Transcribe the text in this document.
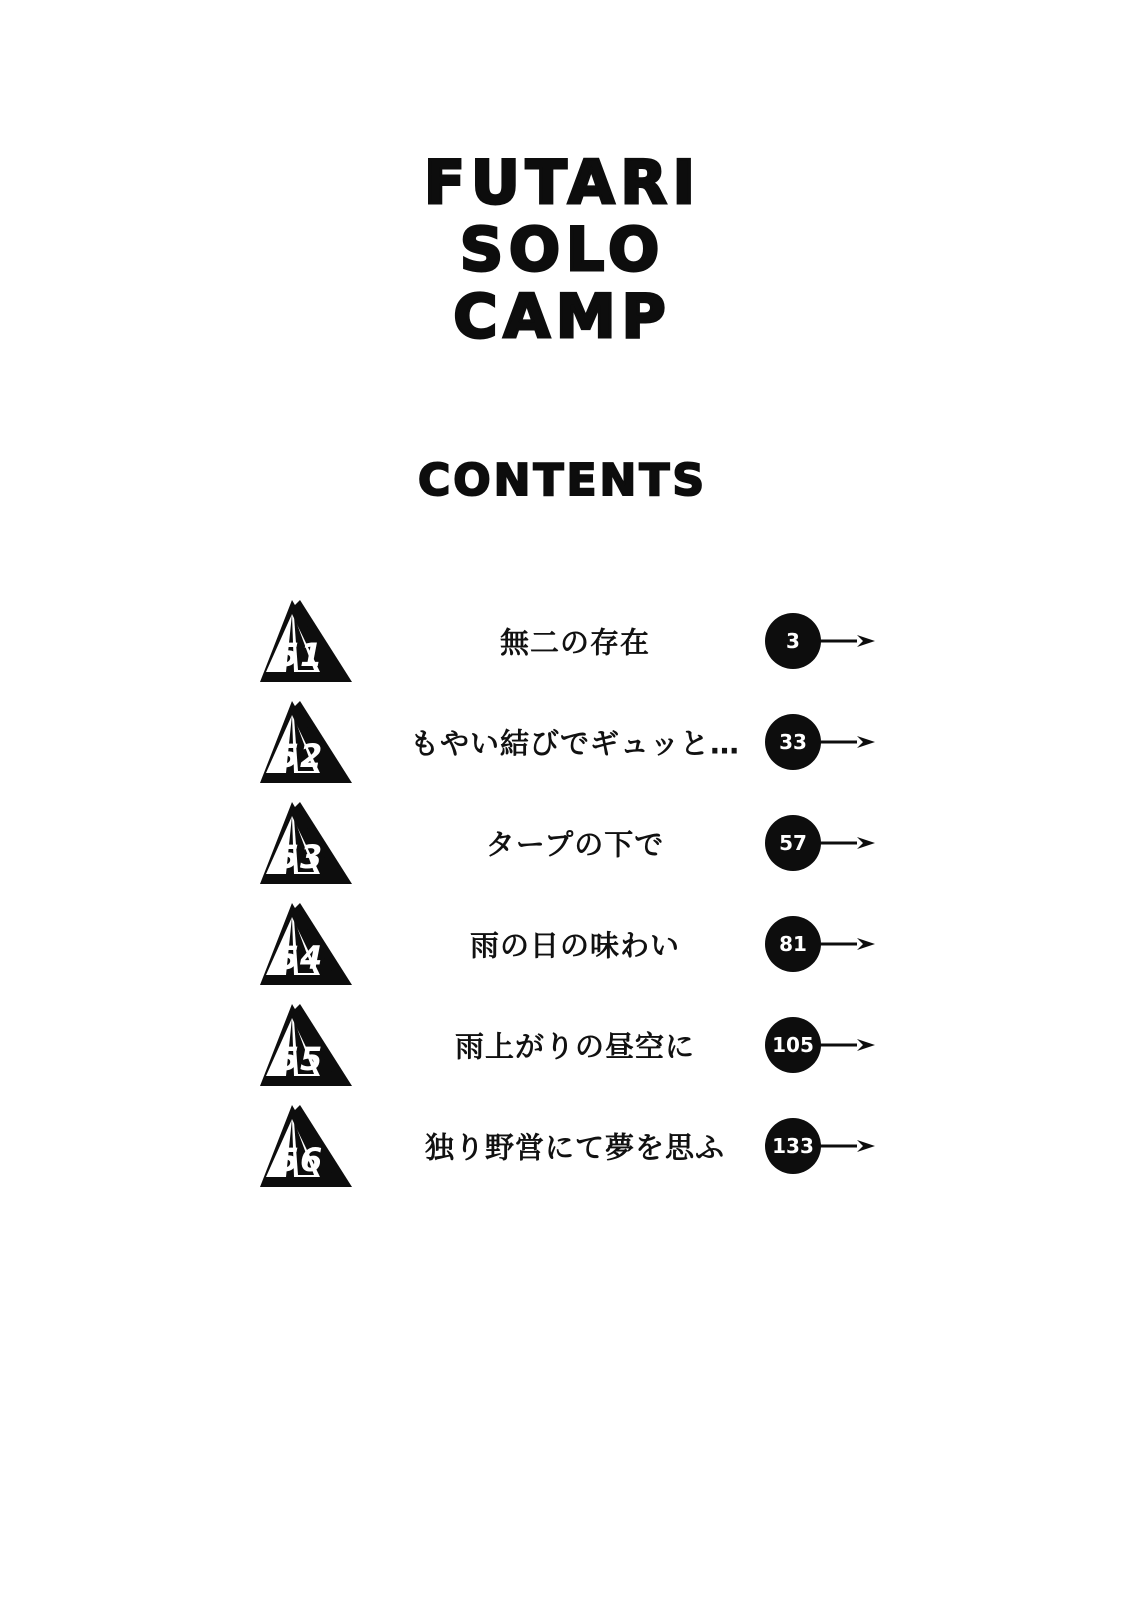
FUTARI
SOLO
CAMP
CONTENTS
51	無二の存在	3
52	もやい結びでギュッと…	33
53	タープの下で	57
54	雨の日の味わい	81
55	雨上がりの昼空に	105
56	独り野営にて夢を思ふ	133
